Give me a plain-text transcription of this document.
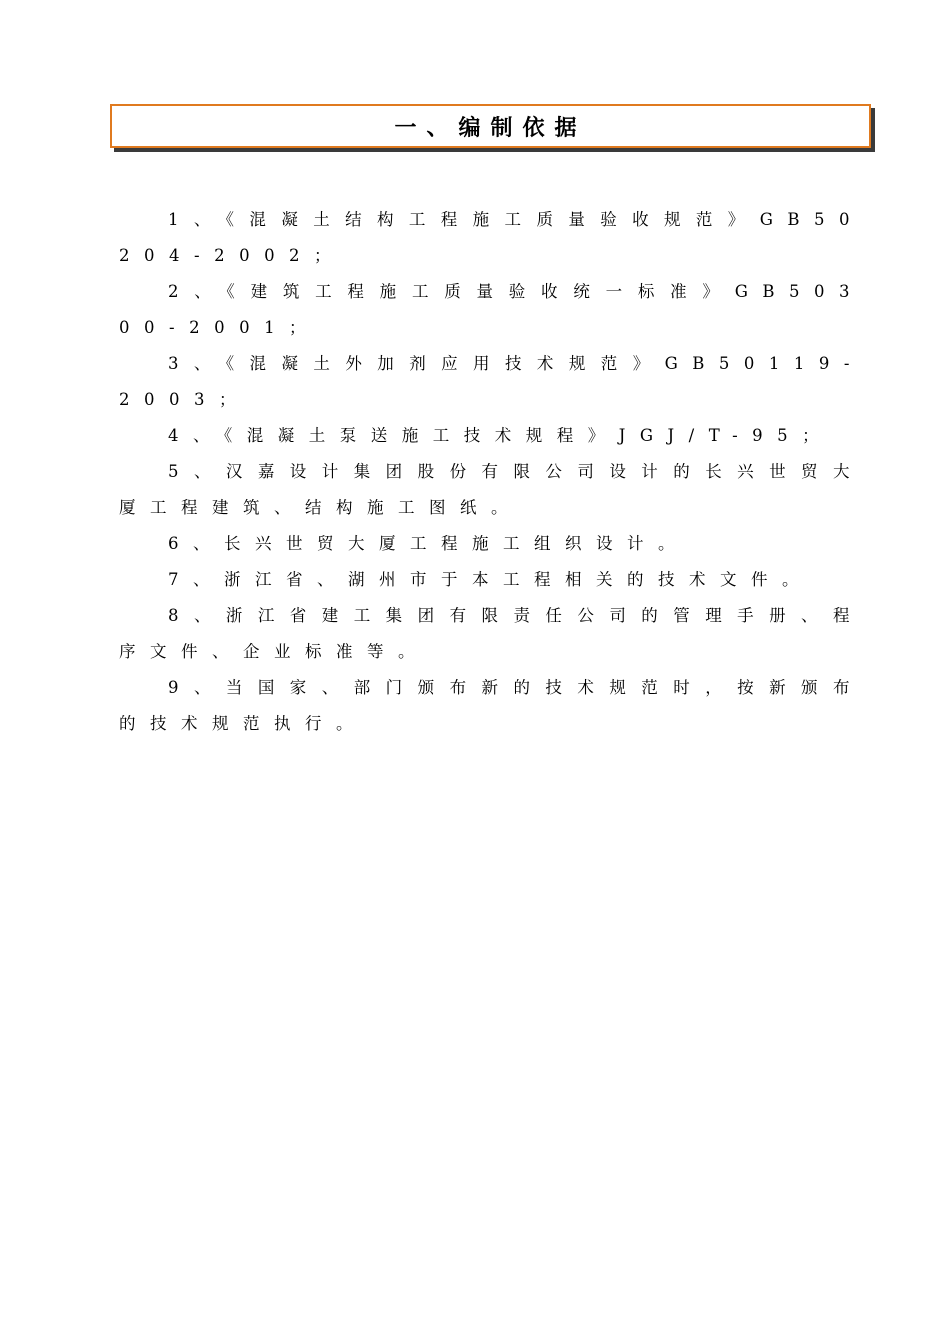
一、编制依据

1、《混凝土结构工程施工质量验收规范》GB50204-2002；

2、《建筑工程施工质量验收统一标准》GB50300-2001；

3、《混凝土外加剂应用技术规范》GB50119-2003；

4、《混凝土泵送施工技术规程》JGJ/T-95；

5、汉嘉设计集团股份有限公司设计的长兴世贸大厦工程建筑、结构施工图纸。

6、长兴世贸大厦工程施工组织设计。

7、浙江省、湖州市于本工程相关的技术文件。

8、浙江省建工集团有限责任公司的管理手册、程序文件、企业标准等。

9、当国家、部门颁布新的技术规范时，按新颁布的技术规范执行。
